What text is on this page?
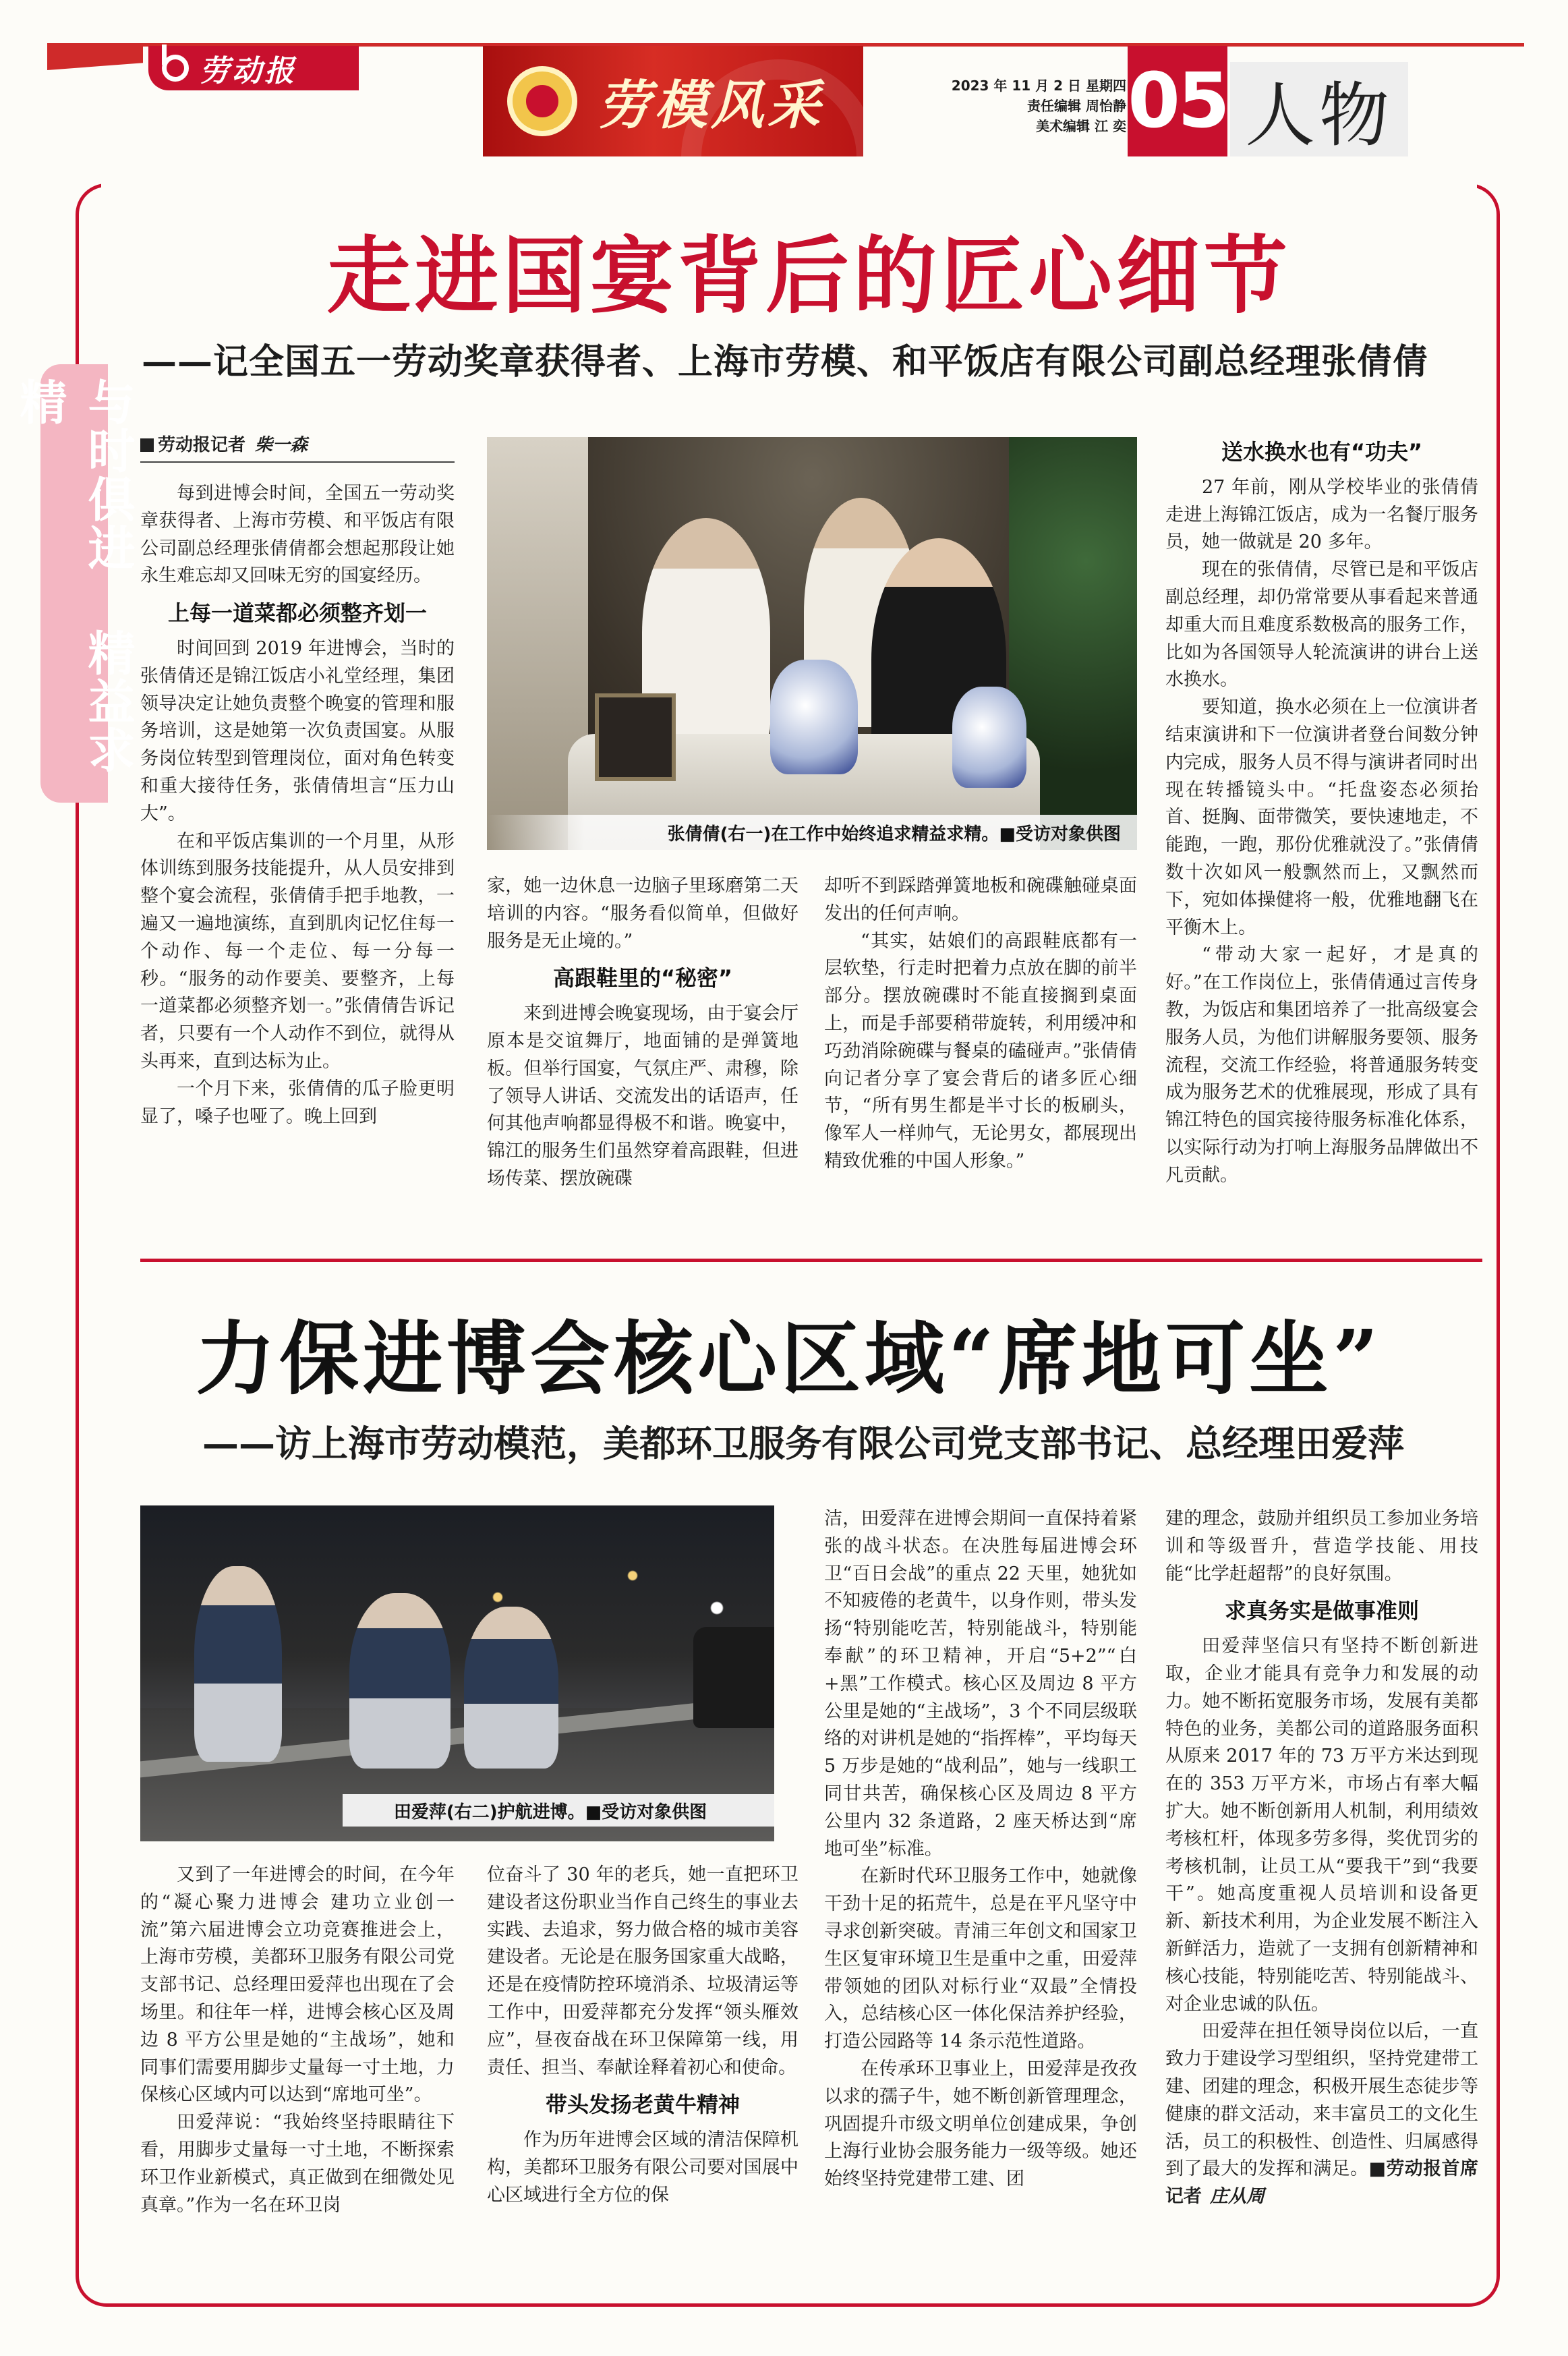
劳动报
劳模风采	2023 年 11 月 2 日 星期四
责任编辑 周怡静
美术编辑 江 奕 05 人物
与时俱进 精益求精
走进国宴背后的匠心细节
——记全国五一劳动奖章获得者、上海市劳模、和平饭店有限公司副总经理张倩倩
劳动报记者 柴一森

每到进博会时间，全国五一劳动奖章获得者、上海市劳模、和平饭店有限公司副总经理张倩倩都会想起那段让她永生难忘却又回味无穷的国宴经历。

上每一道菜都必须整齐划一

时间回到 2019 年进博会，当时的张倩倩还是锦江饭店小礼堂经理，集团领导决定让她负责整个晚宴的管理和服务培训，这是她第一次负责国宴。从服务岗位转型到管理岗位，面对角色转变和重大接待任务，张倩倩坦言“压力山大”。

在和平饭店集训的一个月里，从形体训练到服务技能提升，从人员安排到整个宴会流程，张倩倩手把手地教，一遍又一遍地演练，直到肌肉记忆住每一个动作、每一个走位、每一分每一秒。“服务的动作要美、要整齐，上每一道菜都必须整齐划一。”张倩倩告诉记者，只要有一个人动作不到位，就得从头再来，直到达标为止。

一个月下来，张倩倩的瓜子脸更明显了，嗓子也哑了。晚上回到

张倩倩(右一)在工作中始终追求精益求精。■受访对象供图

家，她一边休息一边脑子里琢磨第二天培训的内容。“服务看似简单，但做好服务是无止境的。”

高跟鞋里的“秘密”

来到进博会晚宴现场，由于宴会厅原本是交谊舞厅，地面铺的是弹簧地板。但举行国宴，气氛庄严、肃穆，除了领导人讲话、交流发出的话语声，任何其他声响都显得极不和谐。晚宴中，锦江的服务生们虽然穿着高跟鞋，但进场传菜、摆放碗碟

却听不到踩踏弹簧地板和碗碟触碰桌面发出的任何声响。

“其实，姑娘们的高跟鞋底都有一层软垫，行走时把着力点放在脚的前半部分。摆放碗碟时不能直接搁到桌面上，而是手部要稍带旋转，利用缓冲和巧劲消除碗碟与餐桌的磕碰声。”张倩倩向记者分享了宴会背后的诸多匠心细节，“所有男生都是半寸长的板刷头，像军人一样帅气，无论男女，都展现出精致优雅的中国人形象。”

送水换水也有“功夫”

27 年前，刚从学校毕业的张倩倩走进上海锦江饭店，成为一名餐厅服务员，她一做就是 20 多年。

现在的张倩倩，尽管已是和平饭店副总经理，却仍常常要从事看起来普通却重大而且难度系数极高的服务工作，比如为各国领导人轮流演讲的讲台上送水换水。

要知道，换水必须在上一位演讲者结束演讲和下一位演讲者登台间数分钟内完成，服务人员不得与演讲者同时出现在转播镜头中。“托盘姿态必须抬首、挺胸、面带微笑，要快速地走，不能跑，一跑，那份优雅就没了。”张倩倩数十次如风一般飘然而上，又飘然而下，宛如体操健将一般，优雅地翻飞在平衡木上。

“带动大家一起好，才是真的好。”在工作岗位上，张倩倩通过言传身教，为饭店和集团培养了一批高级宴会服务人员，为他们讲解服务要领、服务流程，交流工作经验，将普通服务转变成为服务艺术的优雅展现，形成了具有锦江特色的国宾接待服务标准化体系，以实际行动为打响上海服务品牌做出不凡贡献。

力保进博会核心区域“席地可坐”
——访上海市劳动模范，美都环卫服务有限公司党支部书记、总经理田爱萍
田爱萍(右二)护航进博。■受访对象供图

又到了一年进博会的时间，在今年的“凝心聚力进博会 建功立业创一流”第六届进博会立功竞赛推进会上，上海市劳模，美都环卫服务有限公司党支部书记、总经理田爱萍也出现在了会场里。和往年一样，进博会核心区及周边 8 平方公里是她的“主战场”，她和同事们需要用脚步丈量每一寸土地，力保核心区域内可以达到“席地可坐”。

田爱萍说：“我始终坚持眼睛往下看，用脚步丈量每一寸土地，不断探索环卫作业新模式，真正做到在细微处见真章。”作为一名在环卫岗

位奋斗了 30 年的老兵，她一直把环卫建设者这份职业当作自己终生的事业去实践、去追求，努力做合格的城市美容建设者。无论是在服务国家重大战略，还是在疫情防控环境消杀、垃圾清运等工作中，田爱萍都充分发挥“领头雁效应”，昼夜奋战在环卫保障第一线，用责任、担当、奉献诠释着初心和使命。

带头发扬老黄牛精神

作为历年进博会区域的清洁保障机构，美都环卫服务有限公司要对国展中心区域进行全方位的保

洁，田爱萍在进博会期间一直保持着紧张的战斗状态。在决胜每届进博会环卫“百日会战”的重点 22 天里，她犹如不知疲倦的老黄牛，以身作则，带头发扬“特别能吃苦，特别能战斗，特别能奉献”的环卫精神，开启“5+2”“白+黑”工作模式。核心区及周边 8 平方公里是她的“主战场”，3 个不同层级联络的对讲机是她的“指挥棒”，平均每天 5 万步是她的“战利品”，她与一线职工同甘共苦，确保核心区及周边 8 平方公里内 32 条道路，2 座天桥达到“席地可坐”标准。

在新时代环卫服务工作中，她就像干劲十足的拓荒牛，总是在平凡坚守中寻求创新突破。青浦三年创文和国家卫生区复审环境卫生是重中之重，田爱萍带领她的团队对标行业“双最”全情投入，总结核心区一体化保洁养护经验，打造公园路等 14 条示范性道路。

在传承环卫事业上，田爱萍是孜孜以求的孺子牛，她不断创新管理理念，巩固提升市级文明单位创建成果，争创上海行业协会服务能力一级等级。她还始终坚持党建带工建、团

建的理念，鼓励并组织员工参加业务培训和等级晋升，营造学技能、用技能“比学赶超帮”的良好氛围。

求真务实是做事准则

田爱萍坚信只有坚持不断创新进取，企业才能具有竞争力和发展的动力。她不断拓宽服务市场，发展有美都特色的业务，美都公司的道路服务面积从原来 2017 年的 73 万平方米达到现在的 353 万平方米，市场占有率大幅扩大。她不断创新用人机制，利用绩效考核杠杆，体现多劳多得，奖优罚劣的考核机制，让员工从“要我干”到“我要干”。她高度重视人员培训和设备更新、新技术利用，为企业发展不断注入新鲜活力，造就了一支拥有创新精神和核心技能，特别能吃苦、特别能战斗、对企业忠诚的队伍。

田爱萍在担任领导岗位以后，一直致力于建设学习型组织，坚持党建带工建、团建的理念，积极开展生态徒步等健康的群文活动，来丰富员工的文化生活，员工的积极性、创造性、归属感得到了最大的发挥和满足。■劳动报首席记者 庄从周
